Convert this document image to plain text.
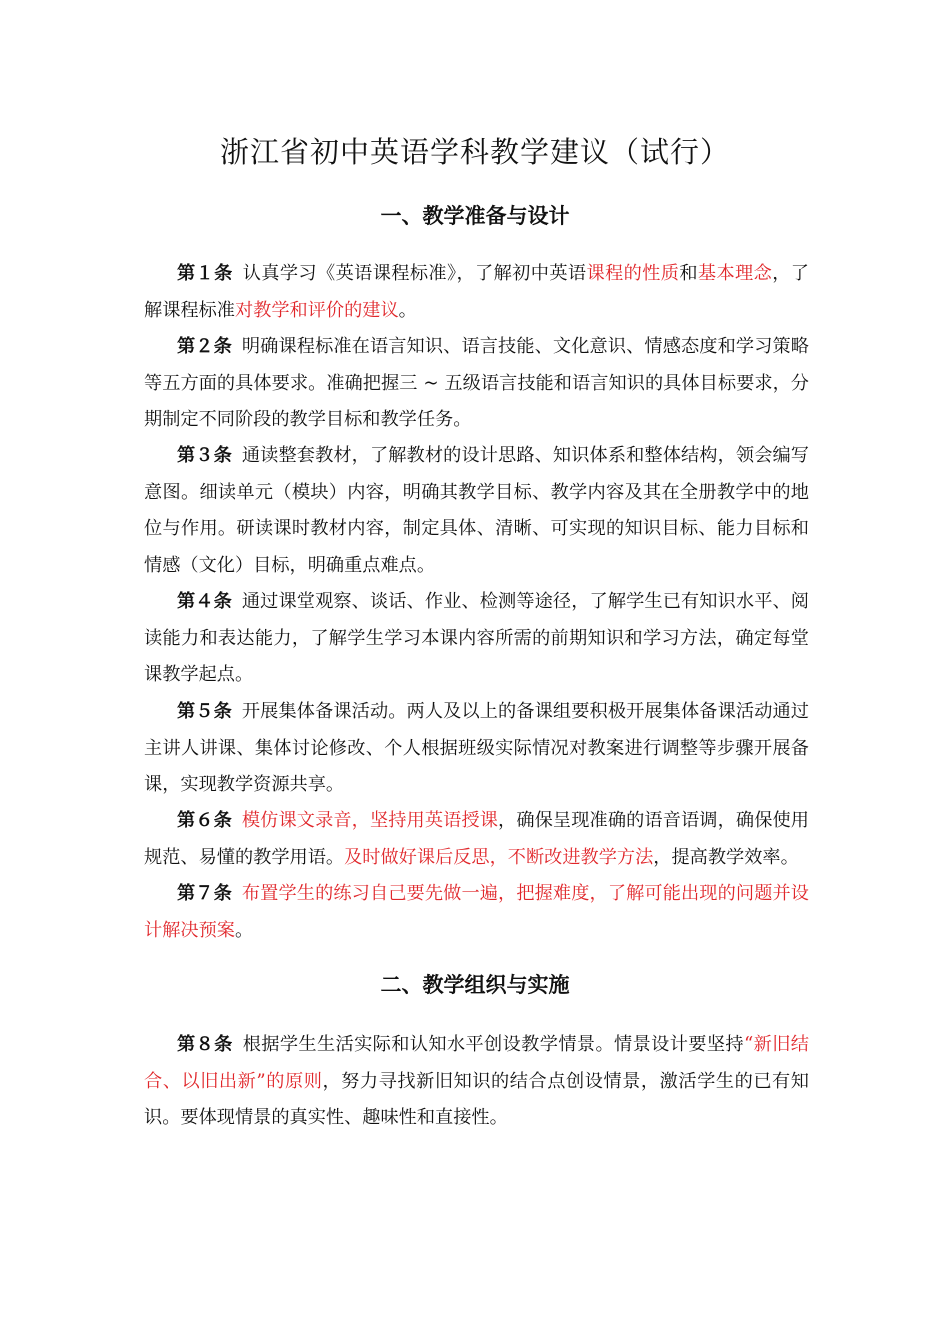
浙江省初中英语学科教学建议（试行）
一、教学准备与设计

第１条 认真学习《英语课程标准》，了解初中英语课程的性质和基本理念，了解课程标准对教学和评价的建议。

第２条 明确课程标准在语言知识、语言技能、文化意识、情感态度和学习策略等五方面的具体要求。准确把握三 ~ 五级语言技能和语言知识的具体目标要求，分期制定不同阶段的教学目标和教学任务。

第３条 通读整套教材，了解教材的设计思路、知识体系和整体结构，领会编写意图。细读单元（模块）内容，明确其教学目标、教学内容及其在全册教学中的地位与作用。研读课时教材内容，制定具体、清晰、可实现的知识目标、能力目标和情感（文化）目标，明确重点难点。

第４条 通过课堂观察、谈话、作业、检测等途径，了解学生已有知识水平、阅读能力和表达能力，了解学生学习本课内容所需的前期知识和学习方法，确定每堂课教学起点。

第５条 开展集体备课活动。两人及以上的备课组要积极开展集体备课活动通过主讲人讲课、集体讨论修改、个人根据班级实际情况对教案进行调整等步骤开展备课，实现教学资源共享。

第６条 模仿课文录音，坚持用英语授课，确保呈现准确的语音语调，确保使用规范、易懂的教学用语。及时做好课后反思，不断改进教学方法，提高教学效率。

第７条 布置学生的练习自己要先做一遍，把握难度，了解可能出现的问题并设计解决预案。

二、教学组织与实施

第８条 根据学生生活实际和认知水平创设教学情景。情景设计要坚持“新旧结合、以旧出新”的原则，努力寻找新旧知识的结合点创设情景，激活学生的已有知识。要体现情景的真实性、趣味性和直接性。
